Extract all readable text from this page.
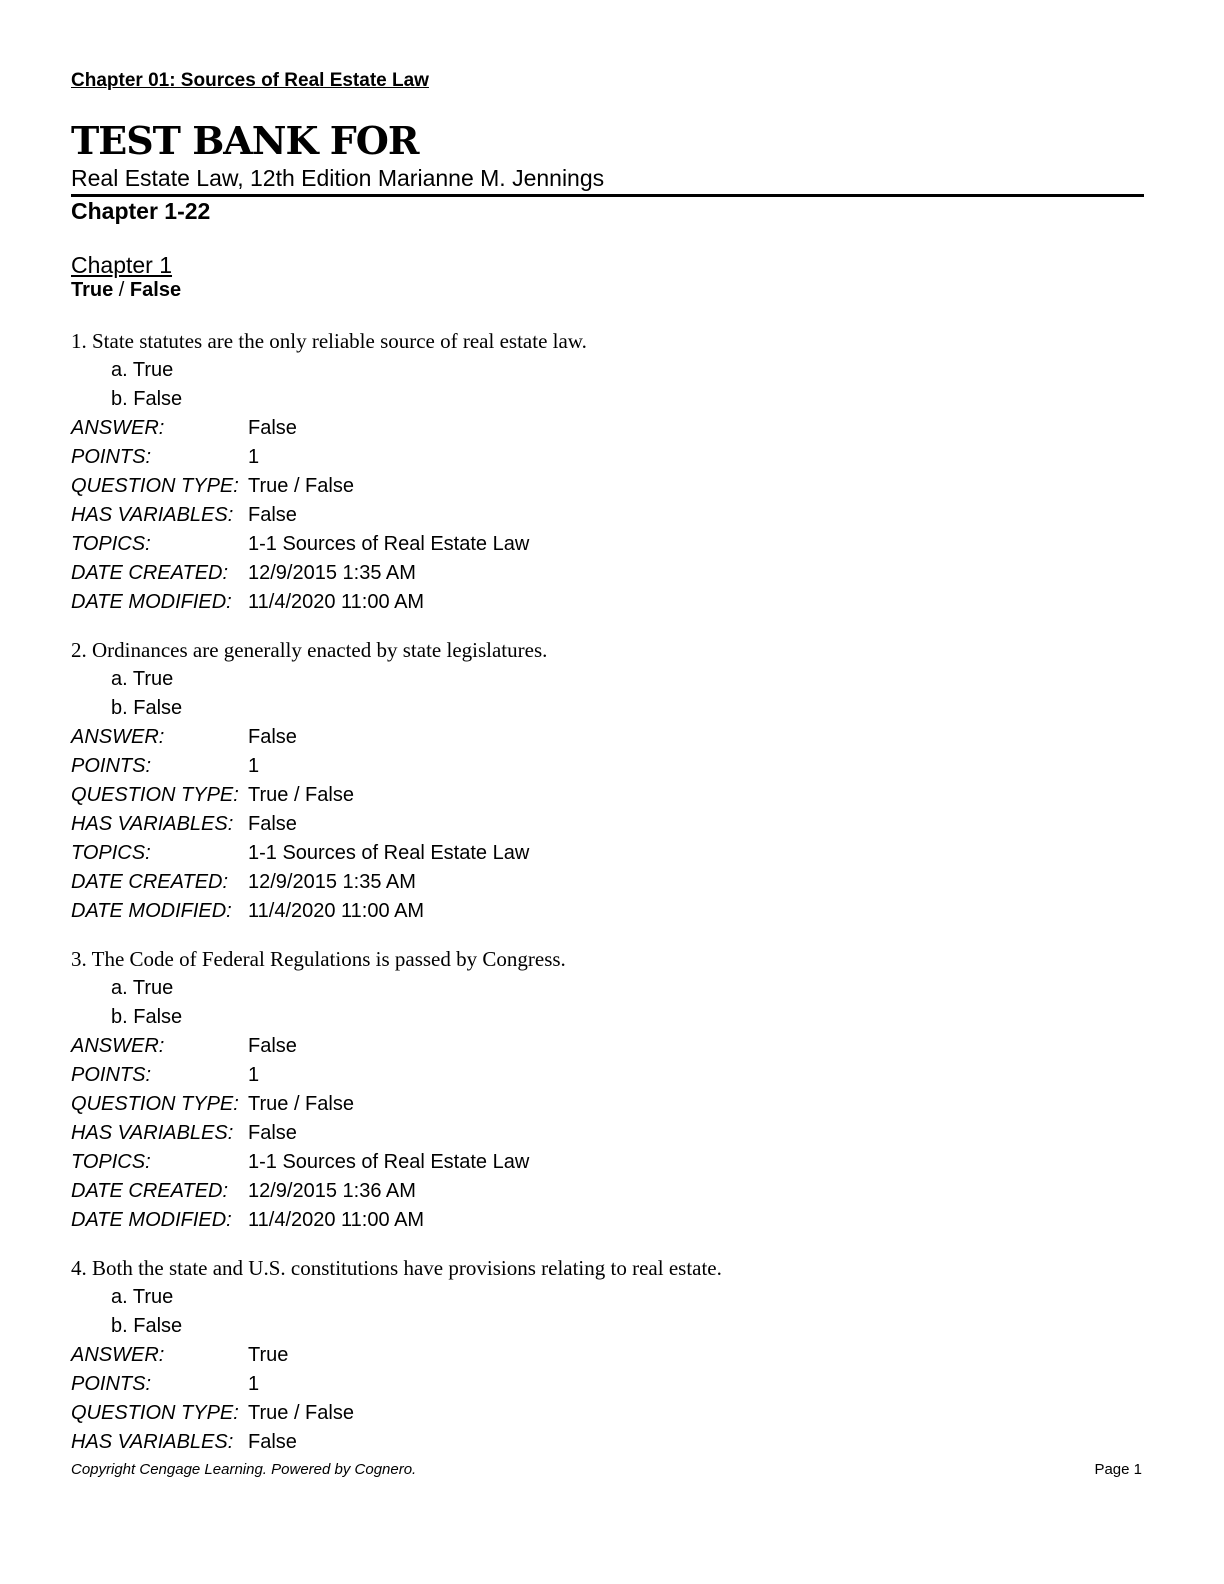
Chapter 01: Sources of Real Estate Law
TEST BANK FOR
Real Estate Law, 12th Edition Marianne M. Jennings
Chapter 1-22
Chapter 1
True / False
1. State statutes are the only reliable source of real estate law.
a. True
b. False
ANSWER:	False
POINTS:	1
QUESTION TYPE: True / False
HAS VARIABLES: False
TOPICS:	1-1 Sources of Real Estate Law
DATE CREATED: 12/9/2015 1:35 AM
DATE MODIFIED: 11/4/2020 11:00 AM
2. Ordinances are generally enacted by state legislatures.
a. True
b. False
ANSWER:	False
POINTS:	1
QUESTION TYPE: True / False
HAS VARIABLES: False
TOPICS:	1-1 Sources of Real Estate Law
DATE CREATED: 12/9/2015 1:35 AM
DATE MODIFIED: 11/4/2020 11:00 AM
3. The Code of Federal Regulations is passed by Congress.
a. True
b. False
ANSWER:	False
POINTS:	1
QUESTION TYPE: True / False
HAS VARIABLES: False
TOPICS:	1-1 Sources of Real Estate Law
DATE CREATED: 12/9/2015 1:36 AM
DATE MODIFIED: 11/4/2020 11:00 AM
4. Both the state and U.S. constitutions have provisions relating to real estate.
a. True
b. False
ANSWER:	True
POINTS:	1
QUESTION TYPE: True / False
HAS VARIABLES: False
Copyright Cengage Learning. Powered by Cognero.	Page 1
